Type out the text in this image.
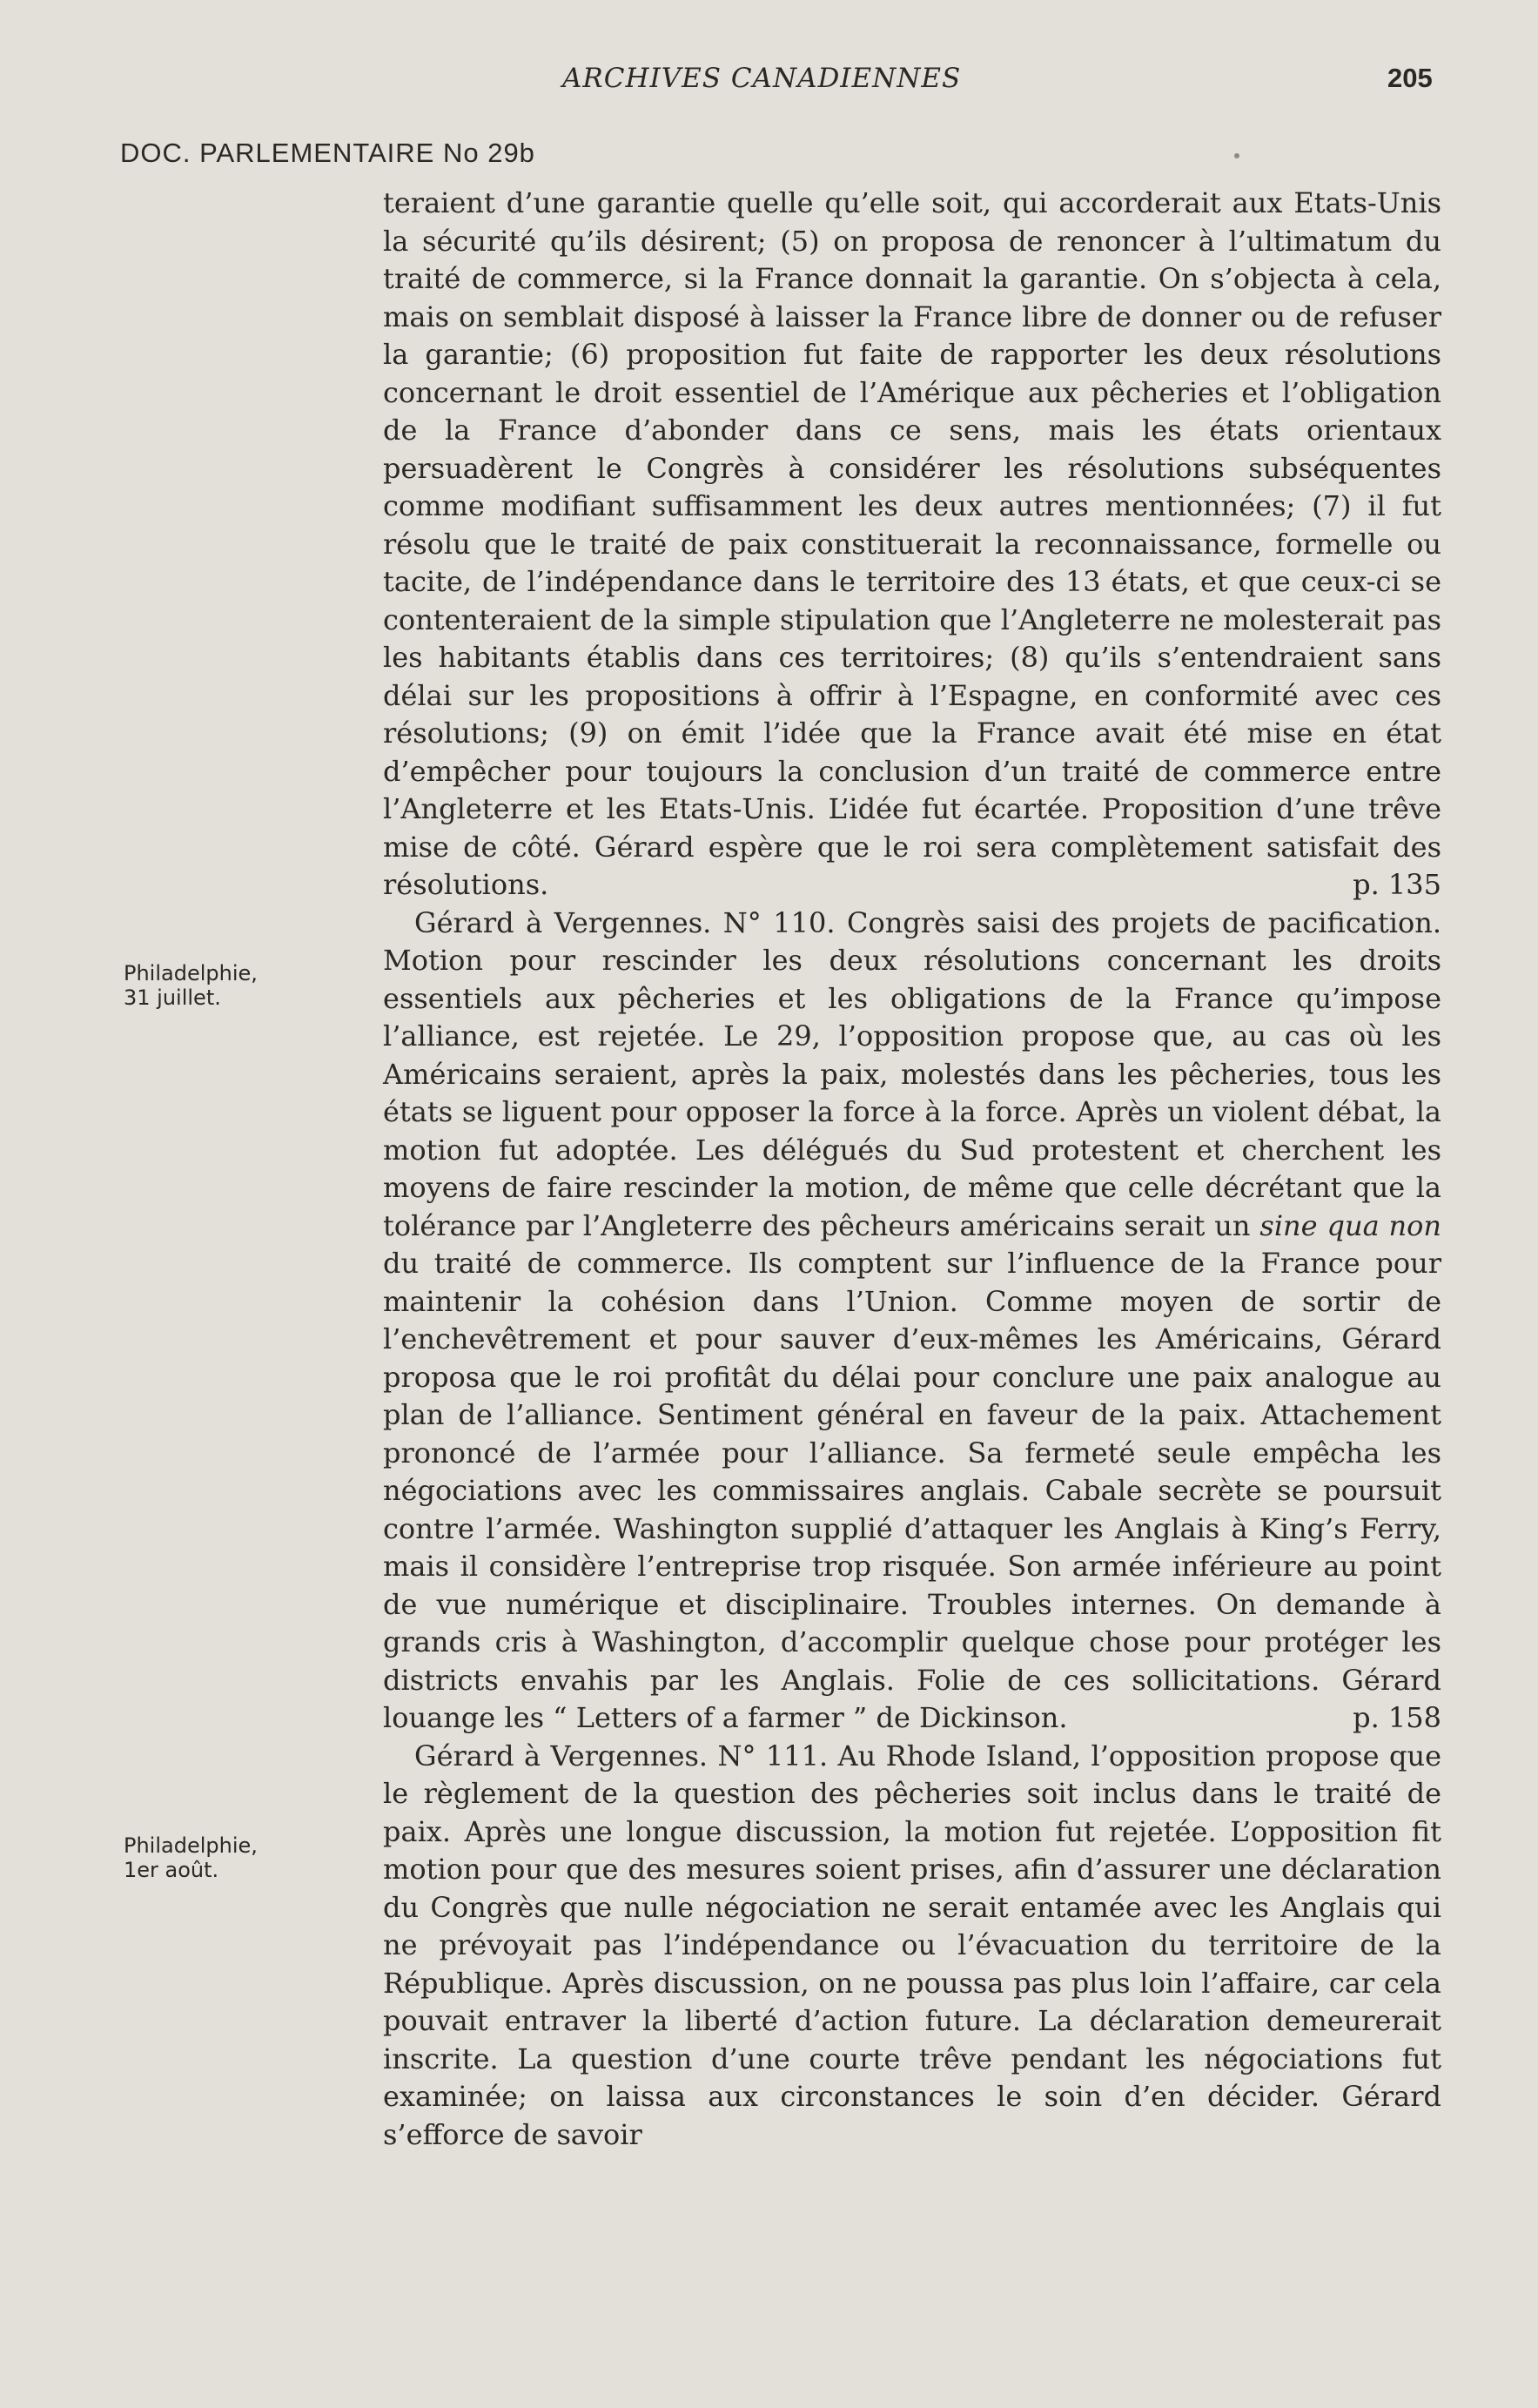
ARCHIVES CANADIENNES	205
DOC. PARLEMENTAIRE No 29b
Philadelphie,
31 juillet.
Philadelphie,
1er août.

teraient d’une garantie quelle qu’elle soit, qui accorderait aux Etats-Unis la sécurité qu’ils désirent; (5) on proposa de renoncer à l’ultimatum du traité de commerce, si la France donnait la garantie. On s’objecta à cela, mais on semblait disposé à laisser la France libre de donner ou de refuser la garantie; (6) proposition fut faite de rapporter les deux résolutions concernant le droit essentiel de l’Amérique aux pêcheries et l’obligation de la France d’abonder dans ce sens, mais les états orientaux persuadèrent le Congrès à considérer les résolutions subséquentes comme modifiant suffisamment les deux autres mentionnées; (7) il fut résolu que le traité de paix constituerait la reconnaissance, formelle ou tacite, de l’indépendance dans le territoire des 13 états, et que ceux-ci se contenteraient de la simple stipulation que l’Angleterre ne molesterait pas les habitants établis dans ces territoires; (8) qu’ils s’entendraient sans délai sur les propositions à offrir à l’Espagne, en conformité avec ces résolutions; (9) on émit l’idée que la France avait été mise en état d’empêcher pour toujours la conclusion d’un traité de commerce entre l’Angleterre et les Etats-Unis. L’idée fut écartée. Proposition d’une trêve mise de côté. Gérard espère que le roi sera complètement satisfait des résolutions.	p. 135

Gérard à Vergennes. N° 110. Congrès saisi des projets de pacification. Motion pour rescinder les deux résolutions concernant les droits essentiels aux pêcheries et les obligations de la France qu’impose l’alliance, est rejetée. Le 29, l’opposition propose que, au cas où les Américains seraient, après la paix, molestés dans les pêcheries, tous les états se liguent pour opposer la force à la force. Après un violent débat, la motion fut adoptée. Les délégués du Sud protestent et cherchent les moyens de faire rescinder la motion, de même que celle décrétant que la tolérance par l’Angleterre des pêcheurs américains serait un sine qua non du traité de commerce. Ils comptent sur l’influence de la France pour maintenir la cohésion dans l’Union. Comme moyen de sortir de l’enchevêtrement et pour sauver d’eux-mêmes les Américains, Gérard proposa que le roi profitât du délai pour conclure une paix analogue au plan de l’alliance. Sentiment général en faveur de la paix. Attachement prononcé de l’armée pour l’alliance. Sa fermeté seule empêcha les négociations avec les commissaires anglais. Cabale secrète se poursuit contre l’armée. Washington supplié d’attaquer les Anglais à King’s Ferry, mais il considère l’entreprise trop risquée. Son armée inférieure au point de vue numérique et disciplinaire. Troubles internes. On demande à grands cris à Washington, d’accomplir quelque chose pour protéger les districts envahis par les Anglais. Folie de ces sollicitations. Gérard louange les “ Letters of a farmer ” de Dickinson.	p. 158

Gérard à Vergennes. N° 111. Au Rhode Island, l’opposition propose que le règlement de la question des pêcheries soit inclus dans le traité de paix. Après une longue discussion, la motion fut rejetée. L’opposition fit motion pour que des mesures soient prises, afin d’assurer une déclaration du Congrès que nulle négociation ne serait entamée avec les Anglais qui ne prévoyait pas l’indépendance ou l’évacuation du territoire de la République. Après discussion, on ne poussa pas plus loin l’affaire, car cela pouvait entraver la liberté d’action future. La déclaration demeurerait inscrite. La question d’une courte trêve pendant les négociations fut examinée; on laissa aux circonstances le soin d’en décider. Gérard s’efforce de savoir
